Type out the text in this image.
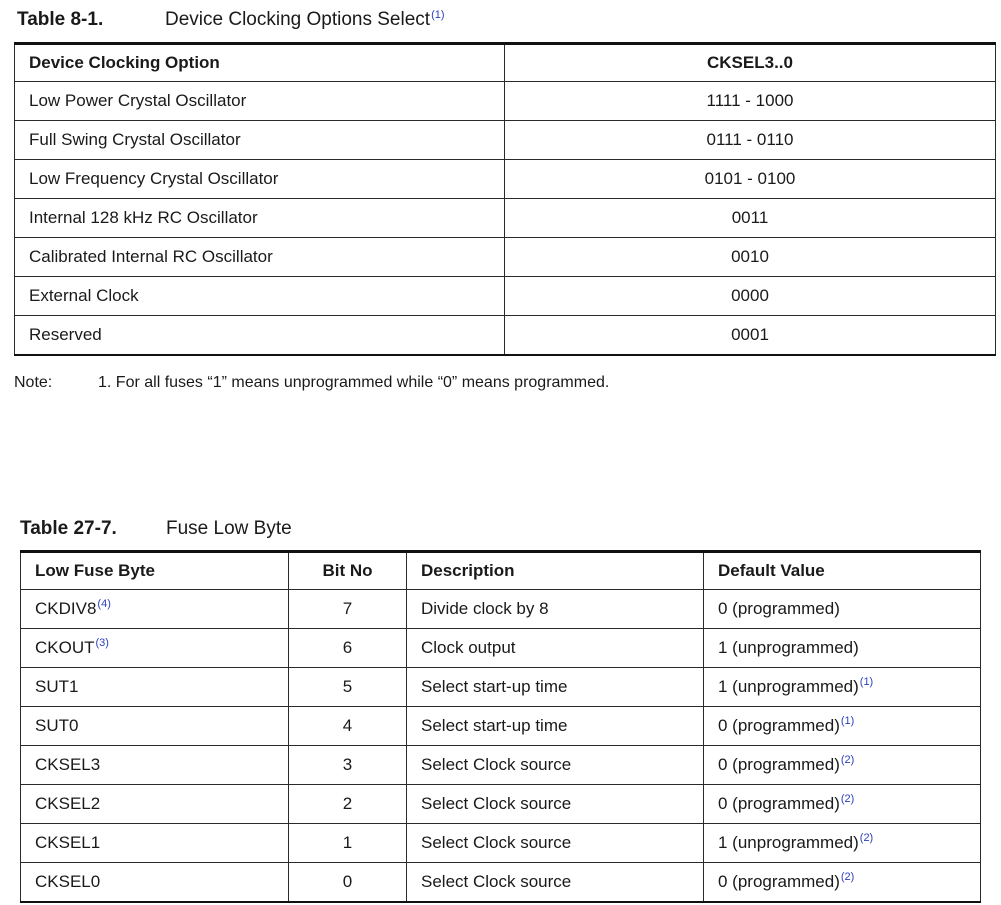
Table 8-1.	Device Clocking Options Select$^{(1)}$
Device Clocking Option	CKSEL3..0
Low Power Crystal Oscillator	1111 - 1000
Full Swing Crystal Oscillator	0111 - 0110
Low Frequency Crystal Oscillator	0101 - 0100
Internal 128 kHz RC Oscillator	0011
Calibrated Internal RC Oscillator	0010
External Clock	0000
Reserved	0001
Note:	1. For all fuses “1” means unprogrammed while “0” means programmed.
Table 27-7.	Fuse Low Byte
Low Fuse Byte	Bit No	Description	Default Value
CKDIV8$^{(4)}$	7	Divide clock by 8	0 (programmed)
CKOUT$^{(3)}$	6	Clock output	1 (unprogrammed)
SUT1	5	Select start-up time	1 (unprogrammed)$^{(1)}$
SUT0	4	Select start-up time	0 (programmed)$^{(1)}$
CKSEL3	3	Select Clock source	0 (programmed)$^{(2)}$
CKSEL2	2	Select Clock source	0 (programmed)$^{(2)}$
CKSEL1	1	Select Clock source	1 (unprogrammed)$^{(2)}$
CKSEL0	0	Select Clock source	0 (programmed)$^{(2)}$
